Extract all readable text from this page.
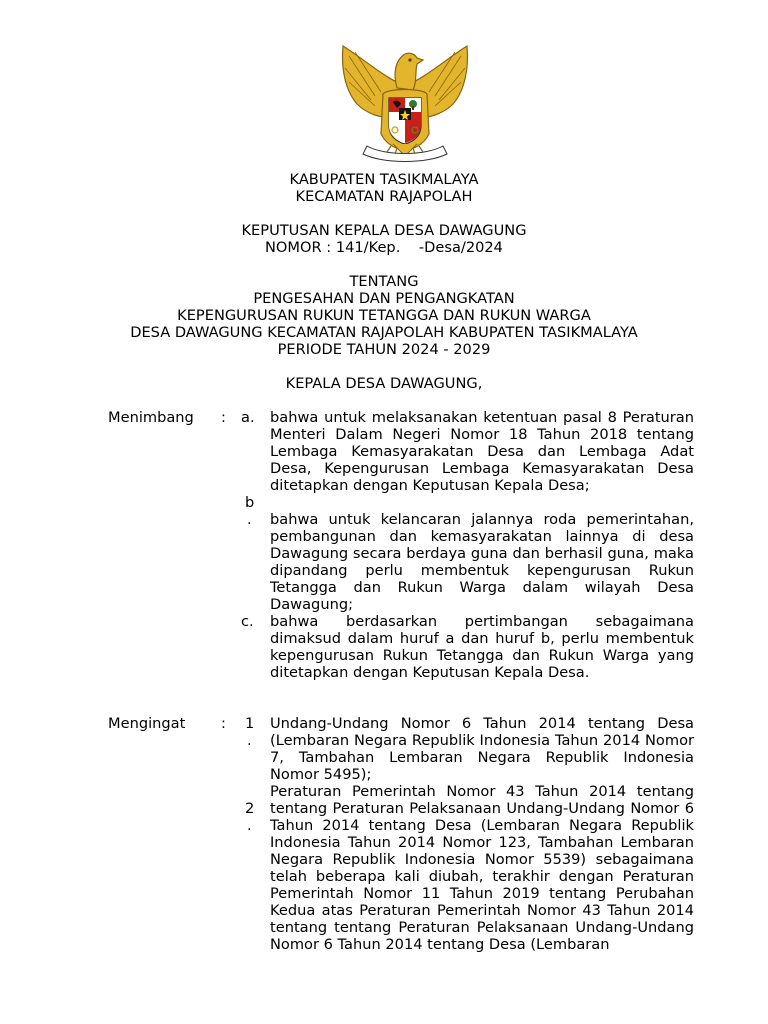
KABUPATEN TASIKMALAYA
KECAMATAN RAJAPOLAH
KEPUTUSAN KEPALA DESA DAWAGUNG
NOMOR : 141/Kep.    -Desa/2024
TENTANG
PENGESAHAN DAN PENGANGKATAN
KEPENGURUSAN RUKUN TETANGGA DAN RUKUN WARGA
DESA DAWAGUNG KECAMATAN RAJAPOLAH KABUPATEN TASIKMALAYA
PERIODE TAHUN 2024 - 2029
KEPALA DESA DAWAGUNG,
Menimbang : a.
b
.
c.

bahwa untuk melaksanakan ketentuan pasal 8 Peraturan Menteri Dalam Negeri Nomor 18 Tahun 2018 tentang Lembaga Kemasyarakatan Desa dan Lembaga Adat Desa, Kepengurusan Lembaga Kemasyarakatan Desa ditetapkan dengan Keputusan Kepala Desa;

bahwa untuk kelancaran jalannya roda pemerintahan, pembangunan dan kemasyarakatan lainnya di desa Dawagung secara berdaya guna dan berhasil guna, maka dipandang perlu membentuk kepengurusan Rukun Tetangga dan Rukun Warga dalam wilayah Desa Dawagung;

bahwa berdasarkan pertimbangan sebagaimana dimaksud dalam huruf a dan huruf b, perlu membentuk kepengurusan Rukun Tetangga dan Rukun Warga yang ditetapkan dengan Keputusan Kepala Desa.

Mengingat : 1
.
2
.

Undang-Undang Nomor 6 Tahun 2014 tentang Desa (Lembaran Negara Republik Indonesia Tahun 2014 Nomor 7, Tambahan Lembaran Negara Republik Indonesia Nomor 5495);

Peraturan Pemerintah Nomor 43 Tahun 2014 tentang tentang Peraturan Pelaksanaan Undang-Undang Nomor 6 Tahun 2014 tentang Desa (Lembaran Negara Republik Indonesia Tahun 2014 Nomor 123, Tambahan Lembaran Negara Republik Indonesia Nomor 5539) sebagaimana telah beberapa kali diubah, terakhir dengan Peraturan Pemerintah Nomor 11 Tahun 2019 tentang Perubahan Kedua atas Peraturan Pemerintah Nomor 43 Tahun 2014 tentang tentang Peraturan Pelaksanaan Undang-Undang Nomor 6 Tahun 2014 tentang Desa (Lembaran
